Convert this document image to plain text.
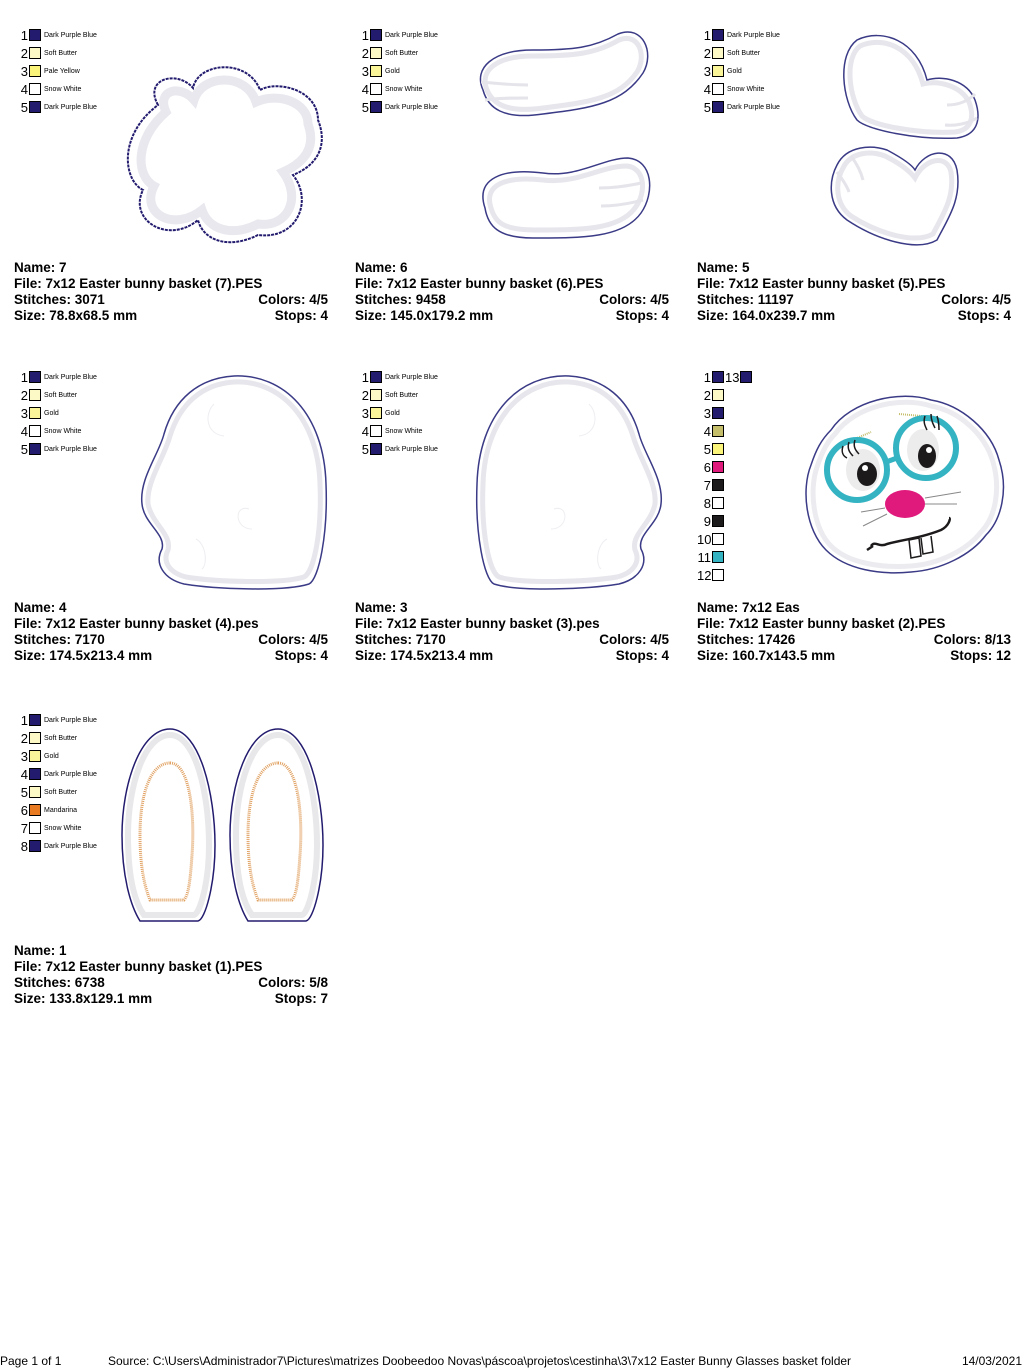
1 Dark Purple Blue
2 Soft Butter
3 Pale Yellow
4 Snow White
5 Dark Purple Blue
Name: 7
File: 7x12 Easter bunny basket (7).PES
Stitches: 3071	Colors: 4/5
Size: 78.8x68.5 mm	Stops: 4
1 Dark Purple Blue
2 Soft Butter
3 Gold
4 Snow White
5 Dark Purple Blue
Name: 6
File: 7x12 Easter bunny basket (6).PES
Stitches: 9458	Colors: 4/5
Size: 145.0x179.2 mm	Stops: 4
1 Dark Purple Blue
2 Soft Butter
3 Gold
4 Snow White
5 Dark Purple Blue
Name: 5
File: 7x12 Easter bunny basket (5).PES
Stitches: 11197	Colors: 4/5
Size: 164.0x239.7 mm	Stops: 4
1 Dark Purple Blue
2 Soft Butter
3 Gold
4 Snow White
5 Dark Purple Blue
Name: 4
File: 7x12 Easter bunny basket (4).pes
Stitches: 7170	Colors: 4/5
Size: 174.5x213.4 mm	Stops: 4
1 Dark Purple Blue
2 Soft Butter
3 Gold
4 Snow White
5 Dark Purple Blue
Name: 3
File: 7x12 Easter bunny basket (3).pes
Stitches: 7170	Colors: 4/5
Size: 174.5x213.4 mm	Stops: 4
1 13
2
3
4
5
6
7
8
9
10
11
12
Name: 7x12 Eas
File: 7x12 Easter bunny basket (2).PES
Stitches: 17426	Colors: 8/13
Size: 160.7x143.5 mm	Stops: 12
1 Dark Purple Blue
2 Soft Butter
3 Gold
4 Dark Purple Blue
5 Soft Butter
6 Mandarina
7 Snow White
8 Dark Purple Blue
Name: 1
File: 7x12 Easter bunny basket (1).PES
Stitches: 6738	Colors: 5/8
Size: 133.8x129.1 mm	Stops: 7
Page 1 of 1	Source: C:\Users\Administrador7\Pictures\matrizes Doobeedoo Novas\páscoa\projetos\cestinha\3\7x12 Easter Bunny Glasses basket folder	14/03/2021
